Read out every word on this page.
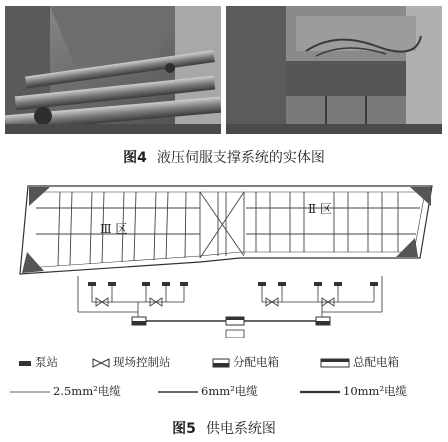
图4 液压伺服支撑系统的实体图
Ⅲ 区
Ⅱ 区
泵站	现场控制站	分配电箱	总配电箱
2.5mm²电缆	6mm²电缆	10mm²电缆
图5 供电系统图
